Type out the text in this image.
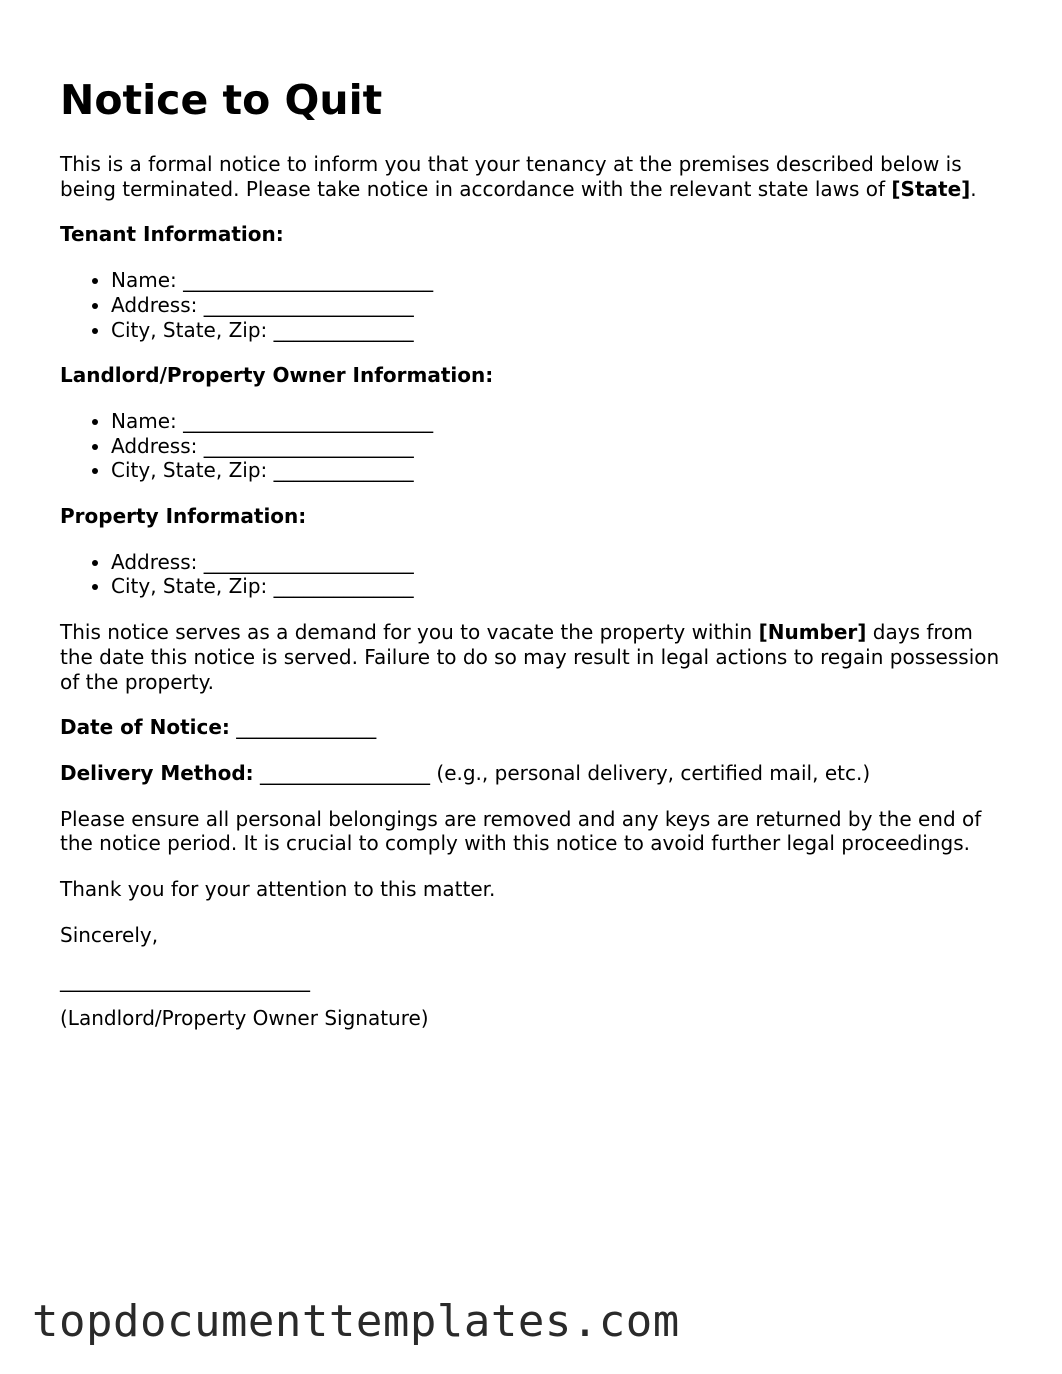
Notice to Quit

This is a formal notice to inform you that your tenancy at the premises described below is being terminated. Please take notice in accordance with the relevant state laws of [State].

Tenant Information:
• Name: _________________________
• Address: _____________________
• City, State, Zip: ______________
Landlord/Property Owner Information:
• Name: _________________________
• Address: _____________________
• City, State, Zip: ______________
Property Information:
• Address: _____________________
• City, State, Zip: ______________

This notice serves as a demand for you to vacate the property within [Number] days from the date this notice is served. Failure to do so may result in legal actions to regain possession of the property.

Date of Notice: ______________

Delivery Method: _________________ (e.g., personal delivery, certified mail, etc.)

Please ensure all personal belongings are removed and any keys are returned by the end of the notice period. It is crucial to comply with this notice to avoid further legal proceedings.

Thank you for your attention to this matter.

Sincerely,

_________________________

(Landlord/Property Owner Signature)

topdocumenttemplates.com
